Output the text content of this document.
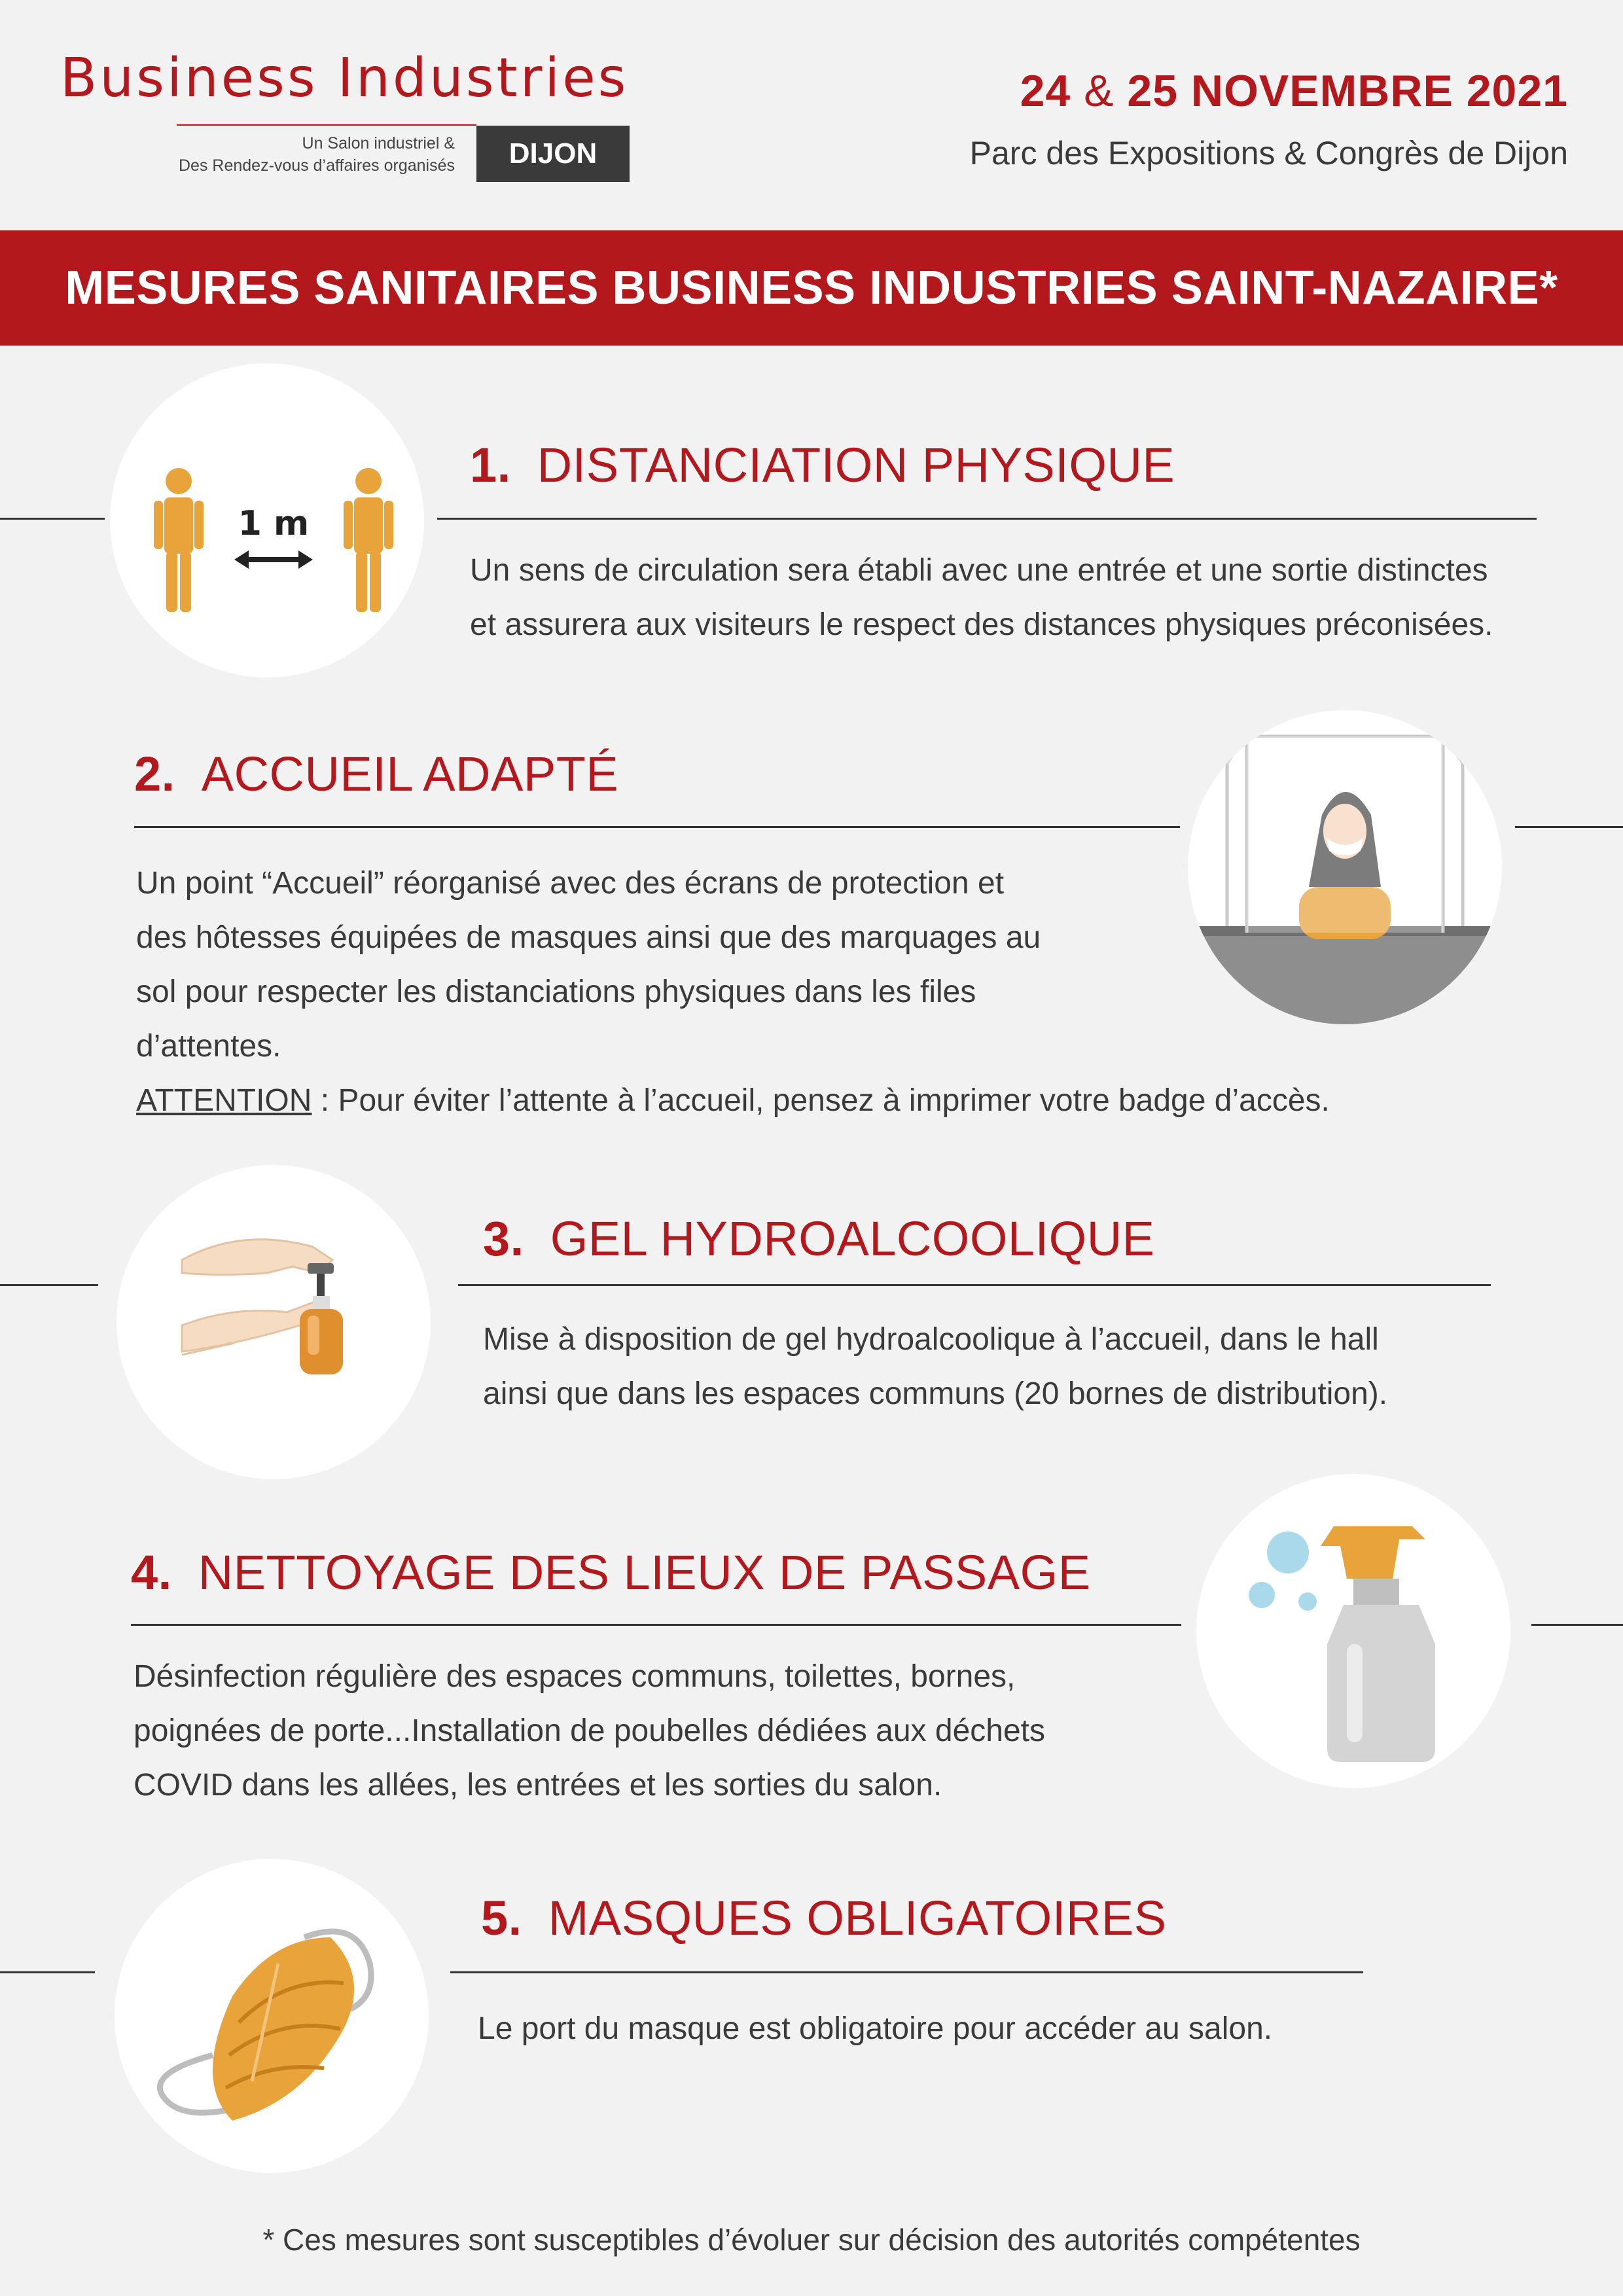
Business Industries
Un Salon industriel &
Des Rendez-vous d’affaires organisés	DIJON
24 & 25 NOVEMBRE 2021
Parc des Expositions & Congrès de Dijon
MESURES SANITAIRES BUSINESS INDUSTRIES SAINT-NAZAIRE*
1 m
1. DISTANCIATION PHYSIQUE

Un sens de circulation sera établi avec une entrée et une sortie distinctes

et assurera aux visiteurs le respect des distances physiques préconisées.

2. ACCUEIL ADAPTÉ

Un point “Accueil” réorganisé avec des écrans de protection et

des hôtesses équipées de masques ainsi que des marquages au

sol pour respecter les distanciations physiques dans les files

d’attentes.

ATTENTION : Pour éviter l’attente à l’accueil, pensez à imprimer votre badge d’accès.

3. GEL HYDROALCOOLIQUE

Mise à disposition de gel hydroalcoolique à l’accueil, dans le hall

ainsi que dans les espaces communs (20 bornes de distribution).

4. NETTOYAGE DES LIEUX DE PASSAGE

Désinfection régulière des espaces communs, toilettes, bornes,

poignées de porte...Installation de poubelles dédiées aux déchets

COVID dans les allées, les entrées et les sorties du salon.

5. MASQUES OBLIGATOIRES

Le port du masque est obligatoire pour accéder au salon.

* Ces mesures sont susceptibles d’évoluer sur décision des autorités compétentes
